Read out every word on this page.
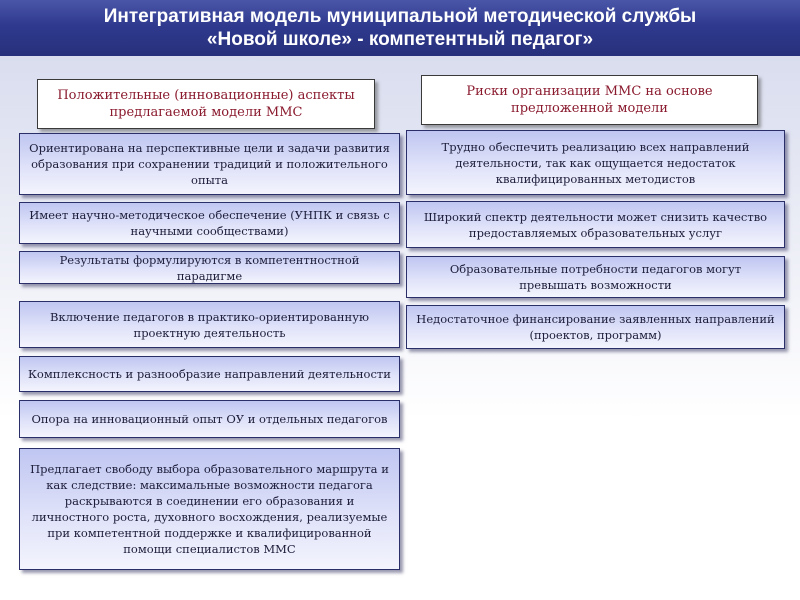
Интегративная модель муниципальной методической службы
«Новой школе» - компетентный педагог»
Положительные (инновационные) аспекты предлагаемой модели ММС
Риски организации ММС на основе предложенной модели
Ориентирована на перспективные цели и задачи развития образования при сохранении традиций и положительного опыта
Имеет научно-методическое обеспечение (УНПК и связь с научными сообществами)
Результаты формулируются в компетентностной парадигме
Включение педагогов в практико-ориентированную проектную деятельность
Комплексность и разнообразие направлений деятельности
Опора на инновационный опыт ОУ и отдельных педагогов
Предлагает свободу выбора образовательного маршрута и как следствие: максимальные возможности педагога раскрываются в соединении его образования и личностного роста, духовного восхождения, реализуемые при компетентной поддержке и квалифицированной помощи специалистов ММС
Трудно обеспечить реализацию всех направлений деятельности, так как ощущается недостаток квалифицированных методистов
Широкий спектр деятельности может снизить качество предоставляемых образовательных услуг
Образовательные потребности педагогов могут превышать возможности
Недостаточное финансирование заявленных направлений (проектов, программ)
